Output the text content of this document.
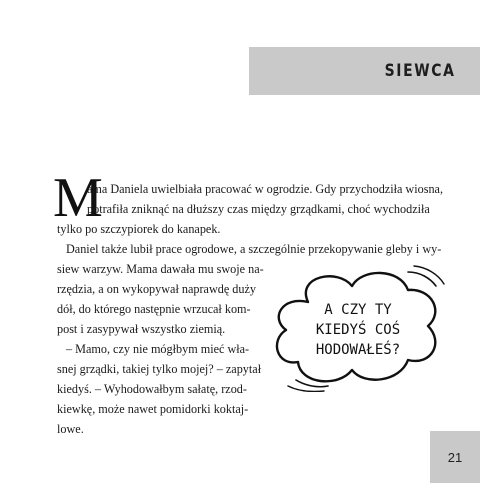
SIEWCA
M
ama Daniela uwielbiała pracować w ogrodzie. Gdy przychodziła wiosna,
potrafiła zniknąć na dłuższy czas między grządkami, choć wychodziła
tylko po szczypiorek do kanapek.
Daniel także lubił prace ogrodowe, a szczególnie przekopywanie gleby i wy-
siew warzyw. Mama dawała mu swoje na-
rzędzia, a on wykopywał naprawdę duży
dół, do którego następnie wrzucał kom-
post i zasypywał wszystko ziemią.
– Mamo, czy nie mógłbym mieć wła-
snej grządki, takiej tylko mojej? – zapytał
kiedyś. – Wyhodowałbym sałatę, rzod-
kiewkę, może nawet pomidorki koktaj-
lowe.
A CZY TY
KIEDYŚ COŚ
HODOWAŁEŚ?
21
